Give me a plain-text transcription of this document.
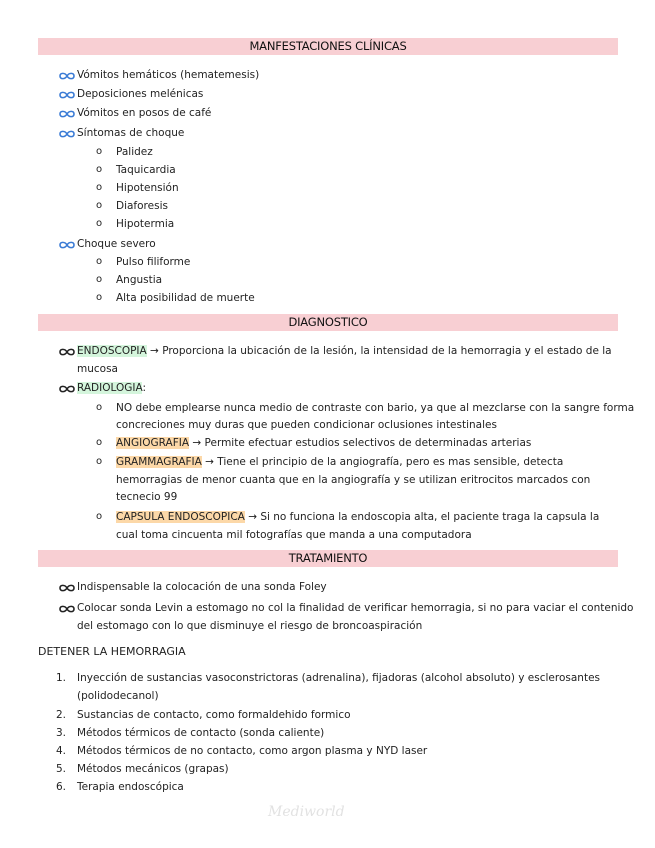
MANFESTACIONES CLÍNICAS
Vómitos hemáticos (hematemesis)
Deposiciones melénicas
Vómitos en posos de café
Síntomas de choque
o Palidez
o Taquicardia
o Hipotensión
o Diaforesis
o Hipotermia
Choque severo
o Pulso filiforme
o Angustia
o Alta posibilidad de muerte
DIAGNOSTICO
ENDOSCOPIA → Proporciona la ubicación de la lesión, la intensidad de la hemorragia y el estado de la
mucosa
RADIOLOGIA:
o NO debe emplearse nunca medio de contraste con bario, ya que al mezclarse con la sangre forma
concreciones muy duras que pueden condicionar oclusiones intestinales
o ANGIOGRAFIA → Permite efectuar estudios selectivos de determinadas arterias
o GRAMMAGRAFIA → Tiene el principio de la angiografía, pero es mas sensible, detecta
hemorragias de menor cuanta que en la angiografía y se utilizan eritrocitos marcados con
tecnecio 99
o CAPSULA ENDOSCOPICA → Si no funciona la endoscopia alta, el paciente traga la capsula la
cual toma cincuenta mil fotografías que manda a una computadora
TRATAMIENTO
Indispensable la colocación de una sonda Foley
Colocar sonda Levin a estomago no col la finalidad de verificar hemorragia, si no para vaciar el contenido
del estomago con lo que disminuye el riesgo de broncoaspiración
DETENER LA HEMORRAGIA
1. Inyección de sustancias vasoconstrictoras (adrenalina), fijadoras (alcohol absoluto) y esclerosantes
(polidodecanol)
2. Sustancias de contacto, como formaldehido formico
3. Métodos térmicos de contacto (sonda caliente)
4. Métodos térmicos de no contacto, como argon plasma y NYD laser
5. Métodos mecánicos (grapas)
6. Terapia endoscópica
Mediworld
